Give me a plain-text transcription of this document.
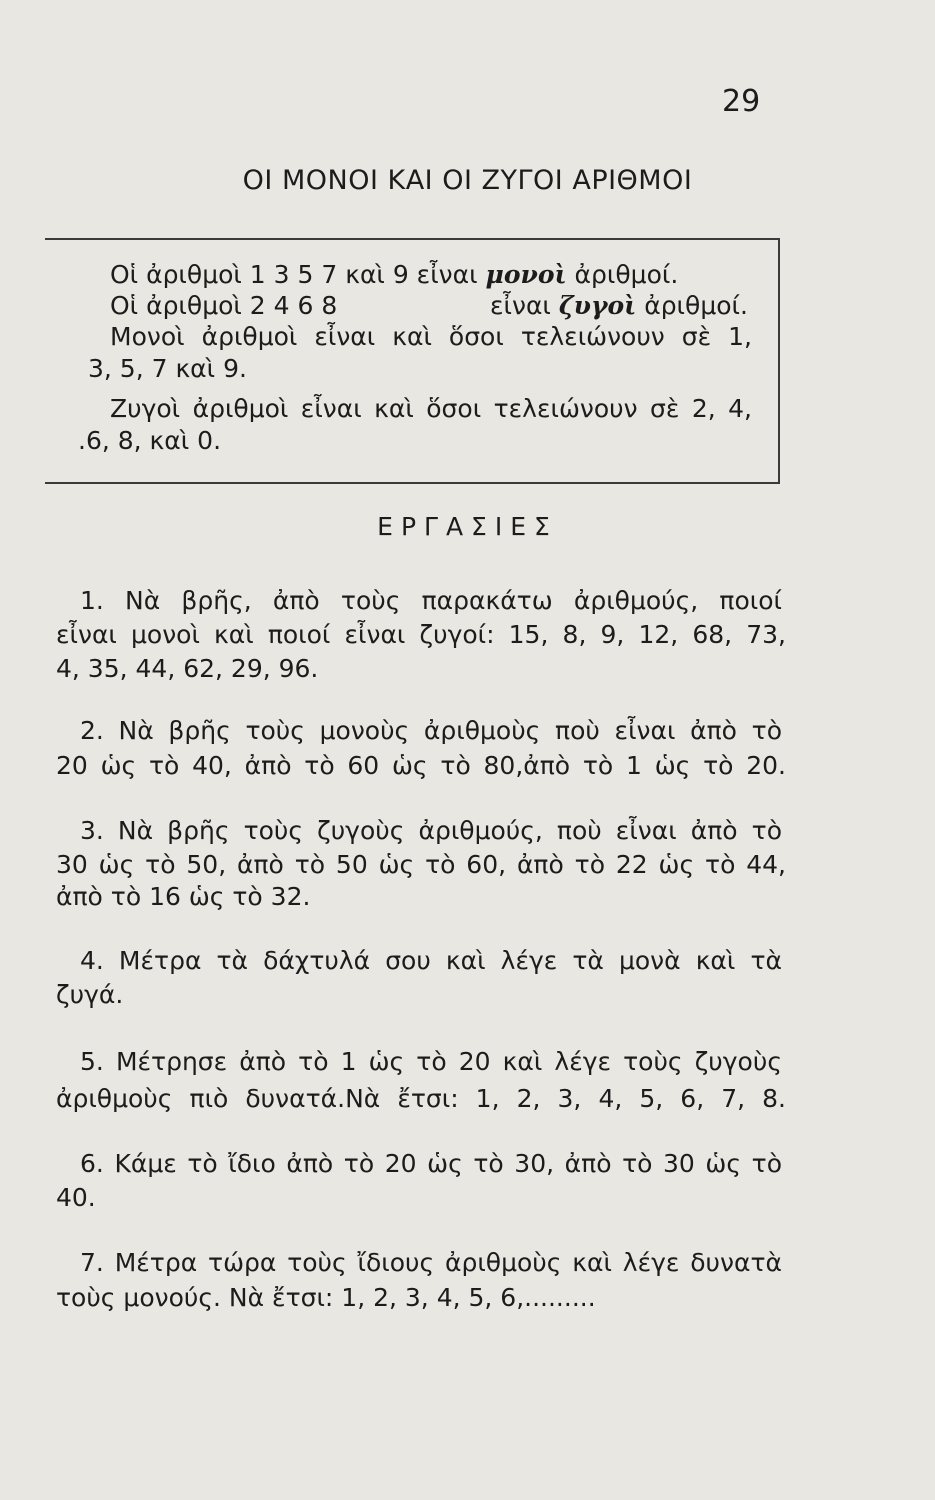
29
ΟΙ ΜΟΝΟΙ ΚΑΙ ΟΙ ΖΥΓΟΙ ΑΡΙΘΜΟΙ
Οἱ ἀριθμοὶ 1 3 5 7 καὶ 9 εἶναι μονοὶ ἀριθμοί.
Οἱ ἀριθμοὶ 2 4 6 8	εἶναι ζυγοὶ ἀριθμοί.
Μονοὶ ἀριθμοὶ εἶναι καὶ ὅσοι τελειώνουν σὲ 1,
3, 5, 7 καὶ 9.
Ζυγοὶ ἀριθμοὶ εἶναι καὶ ὅσοι τελειώνουν σὲ 2, 4,
.6, 8, καὶ 0.
ΕΡΓΑΣΙΕΣ
1. Νὰ βρῆς, ἀπὸ τοὺς παρακάτω ἀριθμούς, ποιοί
εἶναι μονοὶ καὶ ποιοί εἶναι ζυγοί: 15, 8, 9, 12, 68, 73,
4, 35, 44, 62, 29, 96.
2. Νὰ βρῆς τοὺς μονοὺς ἀριθμοὺς ποὺ εἶναι ἀπὸ τὸ
20 ὡς τὸ 40, ἀπὸ τὸ 60 ὡς τὸ 80,ἀπὸ τὸ 1 ὡς τὸ 20.
3. Νὰ βρῆς τοὺς ζυγοὺς ἀριθμούς, ποὺ εἶναι ἀπὸ τὸ
30 ὡς τὸ 50, ἀπὸ τὸ 50 ὡς τὸ 60, ἀπὸ τὸ 22 ὡς τὸ 44,
ἀπὸ τὸ 16 ὡς τὸ 32.
4. Μέτρα τὰ δάχτυλά σου καὶ λέγε τὰ μονὰ καὶ τὰ
ζυγά.
5. Μέτρησε ἀπὸ τὸ 1 ὡς τὸ 20 καὶ λέγε τοὺς ζυγοὺς
ἀριθμοὺς πιὸ δυνατά.Νὰ ἔτσι: 1, 2, 3, 4, 5, 6, 7, 8.
6. Κάμε τὸ ἴδιο ἀπὸ τὸ 20 ὡς τὸ 30, ἀπὸ τὸ 30 ὡς τὸ
40.
7. Μέτρα τώρα τοὺς ἴδιους ἀριθμοὺς καὶ λέγε δυνατὰ
τοὺς μονούς. Νὰ ἔτσι: 1, 2, 3, 4, 5, 6,.........
